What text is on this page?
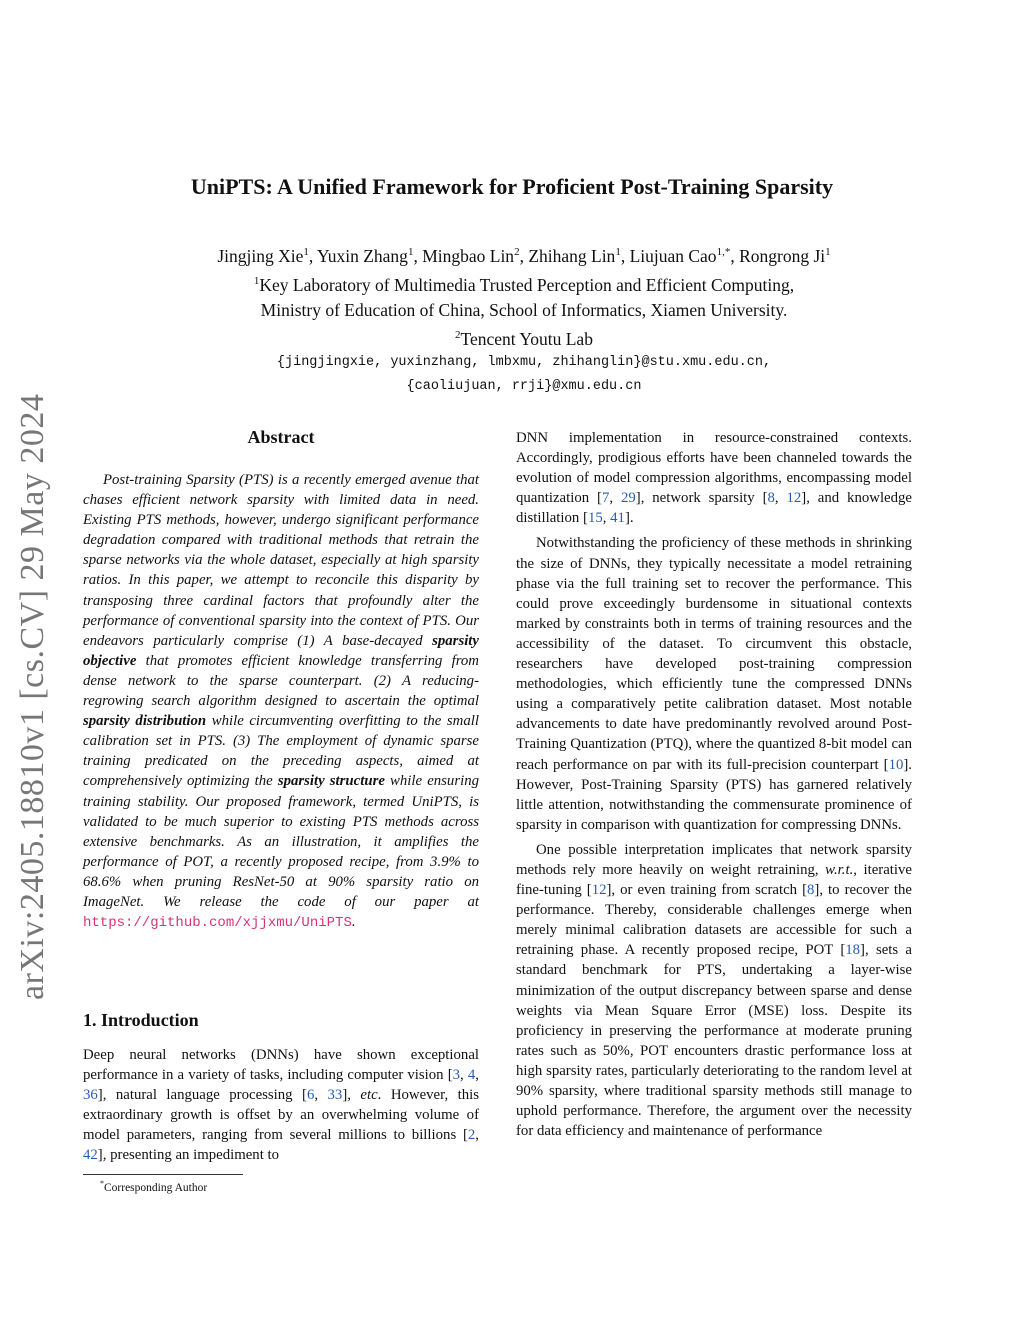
arXiv:2405.18810v1 [cs.CV] 29 May 2024
UniPTS: A Unified Framework for Proficient Post-Training Sparsity
Jingjing Xie$^1$, Yuxin Zhang$^1$, Mingbao Lin$^2$, Zhihang Lin$^1$, Liujuan Cao$^{1,*}$, Rongrong Ji$^1$
$^1$Key Laboratory of Multimedia Trusted Perception and Efficient Computing,
Ministry of Education of China, School of Informatics, Xiamen University.
$^2$Tencent Youtu Lab
{jingjingxie, yuxinzhang, lmbxmu, zhihanglin}@stu.xmu.edu.cn,
{caoliujuan, rrji}@xmu.edu.cn
Abstract

Post-training Sparsity (PTS) is a recently emerged avenue that chases efficient network sparsity with limited data in need. Existing PTS methods, however, undergo significant performance degradation compared with traditional methods that retrain the sparse networks via the whole dataset, especially at high sparsity ratios. In this paper, we attempt to reconcile this disparity by transposing three cardinal factors that profoundly alter the performance of conventional sparsity into the context of PTS. Our endeavors particularly comprise (1) A base-decayed sparsity objective that promotes efficient knowledge transferring from dense network to the sparse counterpart. (2) A reducing-regrowing search algorithm designed to ascertain the optimal sparsity distribution while circumventing overfitting to the small calibration set in PTS. (3) The employment of dynamic sparse training predicated on the preceding aspects, aimed at comprehensively optimizing the sparsity structure while ensuring training stability. Our proposed framework, termed UniPTS, is validated to be much superior to existing PTS methods across extensive benchmarks. As an illustration, it amplifies the performance of POT, a recently proposed recipe, from 3.9% to 68.6% when pruning ResNet-50 at 90% sparsity ratio on ImageNet. We release the code of our paper at https://github.com/xjjxmu/UniPTS.

1. Introduction

Deep neural networks (DNNs) have shown exceptional performance in a variety of tasks, including computer vision [3, 4, 36], natural language processing [6, 33], etc. However, this extraordinary growth is offset by an overwhelming volume of model parameters, ranging from several millions to billions [2, 42], presenting an impediment to

*Corresponding Author

DNN implementation in resource-constrained contexts. Accordingly, prodigious efforts have been channeled towards the evolution of model compression algorithms, encompassing model quantization [7, 29], network sparsity [8, 12], and knowledge distillation [15, 41].

Notwithstanding the proficiency of these methods in shrinking the size of DNNs, they typically necessitate a model retraining phase via the full training set to recover the performance. This could prove exceedingly burdensome in situational contexts marked by constraints both in terms of training resources and the accessibility of the dataset. To circumvent this obstacle, researchers have developed post-training compression methodologies, which efficiently tune the compressed DNNs using a comparatively petite calibration dataset. Most notable advancements to date have predominantly revolved around Post-Training Quantization (PTQ), where the quantized 8-bit model can reach performance on par with its full-precision counterpart [10]. However, Post-Training Sparsity (PTS) has garnered relatively little attention, notwithstanding the commensurate prominence of sparsity in comparison with quantization for compressing DNNs.

One possible interpretation implicates that network sparsity methods rely more heavily on weight retraining, w.r.t., iterative fine-tuning [12], or even training from scratch [8], to recover the performance. Thereby, considerable challenges emerge when merely minimal calibration datasets are accessible for such a retraining phase. A recently proposed recipe, POT [18], sets a standard benchmark for PTS, undertaking a layer-wise minimization of the output discrepancy between sparse and dense weights via Mean Square Error (MSE) loss. Despite its proficiency in preserving the performance at moderate pruning rates such as 50%, POT encounters drastic performance loss at high sparsity rates, particularly deteriorating to the random level at 90% sparsity, where traditional sparsity methods still manage to uphold performance. Therefore, the argument over the necessity for data efficiency and maintenance of performance
